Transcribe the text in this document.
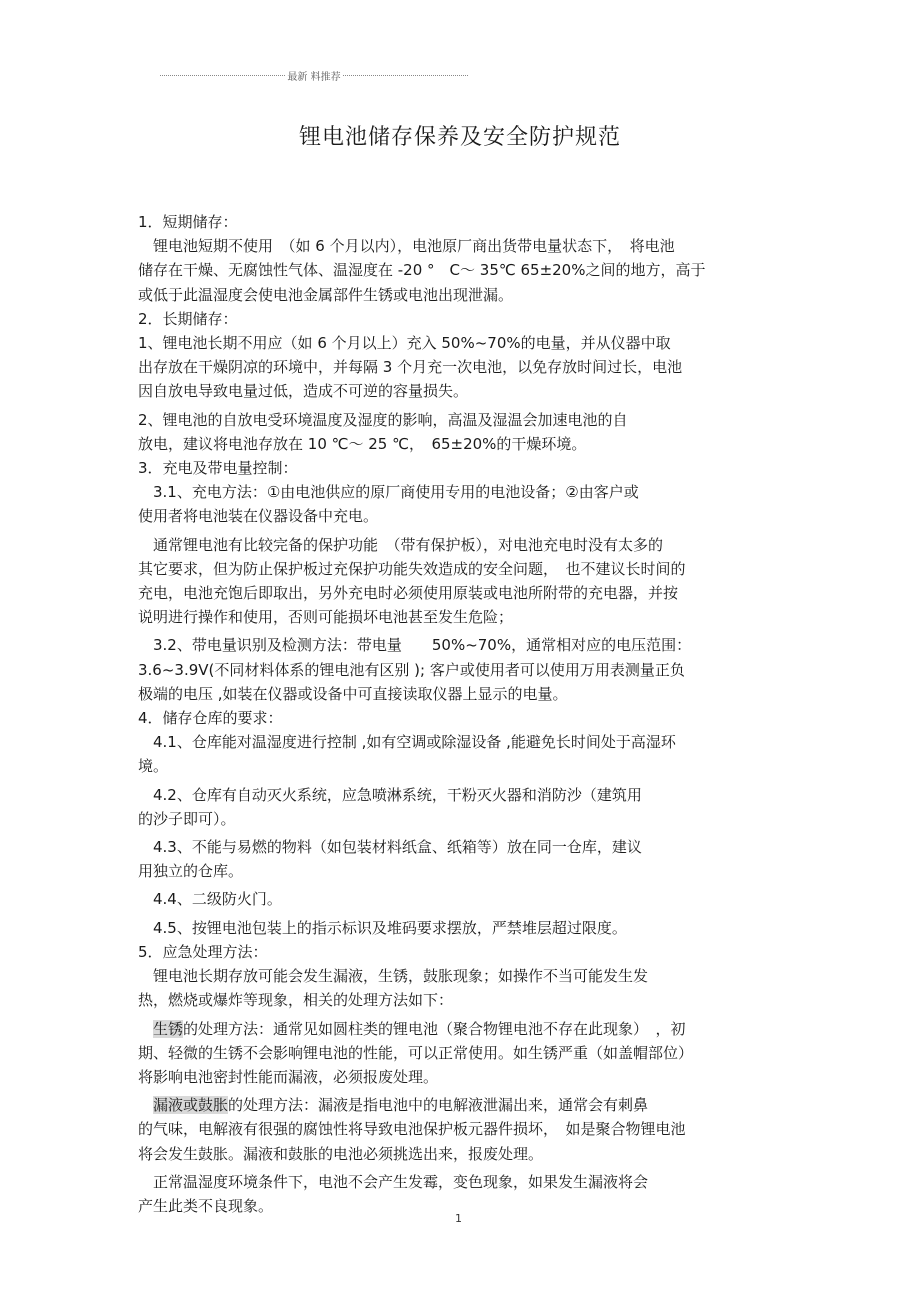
最新 料推荐
锂电池储存保养及安全防护规范
1．短期储存：
　锂电池短期不使用　（如 6 个月以内），电池原厂商出货带电量状态下，　将电池
储存在干燥、无腐蚀性气体、温湿度在 -20 °　C～ 35℃ 65±20%之间的地方，高于
或低于此温湿度会使电池金属部件生锈或电池出现泄漏。
2．长期储存：
1、锂电池长期不用应（如 6 个月以上）充入 50%~70%的电量，并从仪器中取
出存放在干燥阴凉的环境中，并每隔 3 个月充一次电池，以免存放时间过长，电池
因自放电导致电量过低，造成不可逆的容量损失。
2、锂电池的自放电受环境温度及湿度的影响，高温及湿温会加速电池的自
放电，建议将电池存放在 10 ℃～ 25 ℃，　65±20%的干燥环境。
3．充电及带电量控制：
　3.1、充电方法：①由电池供应的原厂商使用专用的电池设备；②由客户或
使用者将电池装在仪器设备中充电。
　通常锂电池有比较完备的保护功能　（带有保护板），对电池充电时没有太多的
其它要求，但为防止保护板过充保护功能失效造成的安全问题，　也不建议长时间的
充电，电池充饱后即取出，另外充电时必须使用原装或电池所附带的充电器，并按
说明进行操作和使用，否则可能损坏电池甚至发生危险；
　3.2、带电量识别及检测方法：带电量　　50%~70%，通常相对应的电压范围：
3.6~3.9V(不同材料体系的锂电池有区别 ); 客户或使用者可以使用万用表测量正负
极端的电压 ,如装在仪器或设备中可直接读取仪器上显示的电量。
4．储存仓库的要求：
　4.1、仓库能对温湿度进行控制 ,如有空调或除湿设备 ,能避免长时间处于高湿环
境。
　4.2、仓库有自动灭火系统，应急喷淋系统，干粉灭火器和消防沙（建筑用
的沙子即可）。
　4.3、不能与易燃的物料（如包装材料纸盒、纸箱等）放在同一仓库，建议
用独立的仓库。
　4.4、二级防火门。
　4.5、按锂电池包装上的指示标识及堆码要求摆放，严禁堆层超过限度。
5．应急处理方法：
　锂电池长期存放可能会发生漏液，生锈，鼓胀现象；如操作不当可能发生发
热，燃烧或爆炸等现象，相关的处理方法如下：
　生锈的处理方法：通常见如圆柱类的锂电池（聚合物锂电池不存在此现象）　，初
期、轻微的生锈不会影响锂电池的性能，可以正常使用。如生锈严重（如盖帽部位）
将影响电池密封性能而漏液，必须报废处理。
　漏液或鼓胀的处理方法：漏液是指电池中的电解液泄漏出来，通常会有刺鼻
的气味，电解液有很强的腐蚀性将导致电池保护板元器件损坏，　如是聚合物锂电池
将会发生鼓胀。漏液和鼓胀的电池必须挑选出来，报废处理。
　正常温湿度环境条件下，电池不会产生发霉，变色现象，如果发生漏液将会
产生此类不良现象。
1
